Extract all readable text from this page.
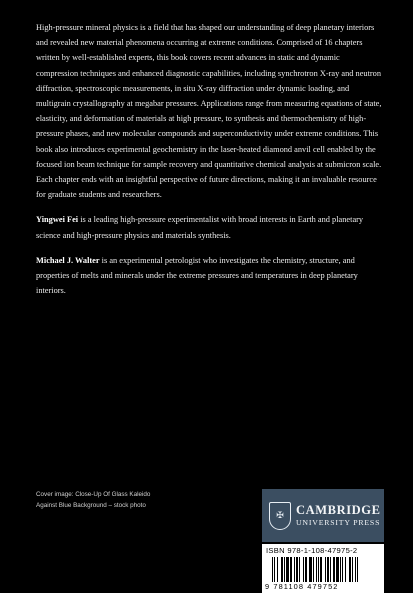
High-pressure mineral physics is a field that has shaped our understanding of deep planetary interiors and revealed new material phenomena occurring at extreme conditions. Comprised of 16 chapters written by well-established experts, this book covers recent advances in static and dynamic compression techniques and enhanced diagnostic capabilities, including synchrotron X-ray and neutron diffraction, spectroscopic measurements, in situ X-ray diffraction under dynamic loading, and multigrain crystallography at megabar pressures. Applications range from measuring equations of state, elasticity, and deformation of materials at high pressure, to synthesis and thermochemistry of high-pressure phases, and new molecular compounds and superconductivity under extreme conditions. This book also introduces experimental geochemistry in the laser-heated diamond anvil cell enabled by the focused ion beam technique for sample recovery and quantitative chemical analysis at submicron scale. Each chapter ends with an insightful perspective of future directions, making it an invaluable resource for graduate students and researchers.

Yingwei Fei is a leading high-pressure experimentalist with broad interests in Earth and planetary science and high-pressure physics and materials synthesis.

Michael J. Walter is an experimental petrologist who investigates the chemistry, structure, and properties of melts and minerals under the extreme pressures and temperatures in deep planetary interiors.

Cover image: Close-Up Of Glass Kaleido
Against Blue Background – stock photo
✠ CAMBRIDGE
UNIVERSITY PRESS
ISBN 978-1-108-47975-2
9 781108 479752
